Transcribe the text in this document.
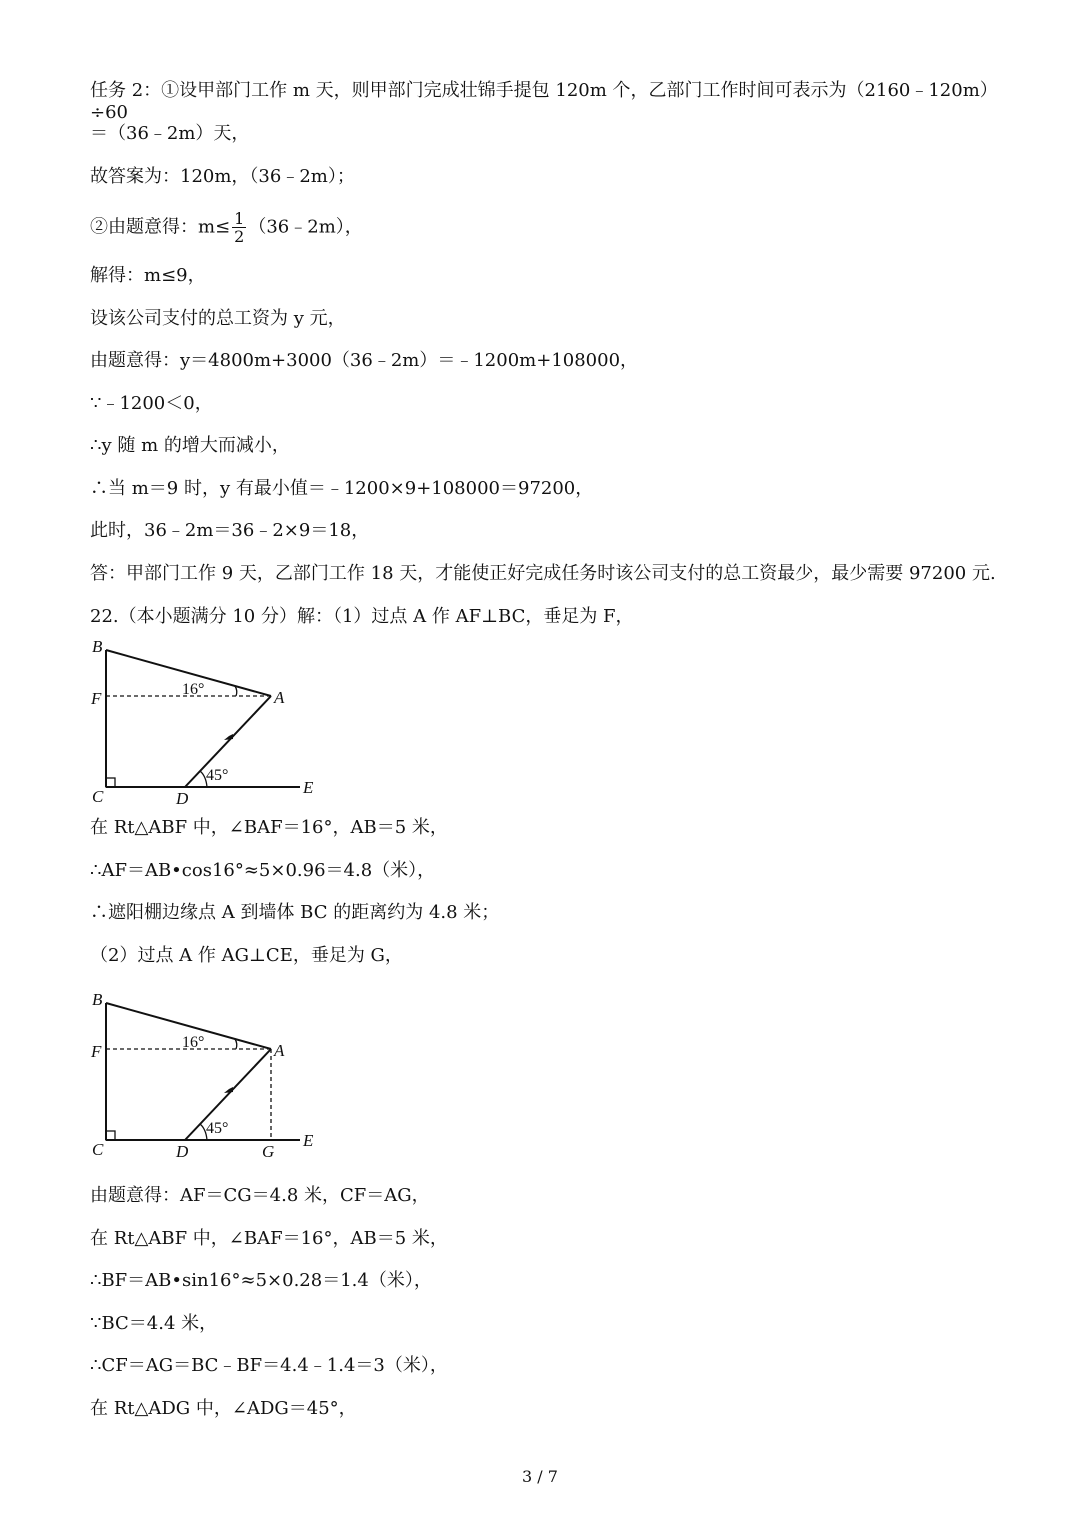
任务 2：①设甲部门工作 m 天，则甲部门完成壮锦手提包 120m 个，乙部门工作时间可表示为（2160﹣120m）÷60
＝（36﹣2m）天，
故答案为：120m，（36﹣2m）；
②由题意得：$m\le \frac{1}{2}$ （36﹣2m），
解得：m≤9，
设该公司支付的总工资为 y 元，
由题意得：y＝4800m+3000（36﹣2m）＝﹣1200m+108000，
∵﹣1200＜0，
∴y 随 m 的增大而减小，
∴当 m＝9 时，y 有最小值＝﹣1200×9+108000＝97200，
此时，36﹣2m＝36﹣2×9＝18，
答：甲部门工作 9 天，乙部门工作 18 天，才能使正好完成任务时该公司支付的总工资最少，最少需要 97200 元.
22.（本小题满分 10 分）解：（1）过点 A 作 AF⊥BC，垂足为 F，
B
F	A
C	D
E
16°
45°
在 Rt△ABF 中，∠BAF＝16°，AB＝5 米，
∴AF＝AB•cos16°≈5×0.96＝4.8（米），
∴遮阳棚边缘点 A 到墙体 BC 的距离约为 4.8 米；
（2）过点 A 作 AG⊥CE，垂足为 G，
B
F	A
C	D	G
E
16°
45°
由题意得：AF＝CG＝4.8 米，CF＝AG，
在 Rt△ABF 中，∠BAF＝16°，AB＝5 米，
∴BF＝AB•sin16°≈5×0.28＝1.4（米），
∵BC＝4.4 米，
∴CF＝AG＝BC﹣BF＝4.4﹣1.4＝3（米），
在 Rt△ADG 中，∠ADG＝45°，
3 / 7
